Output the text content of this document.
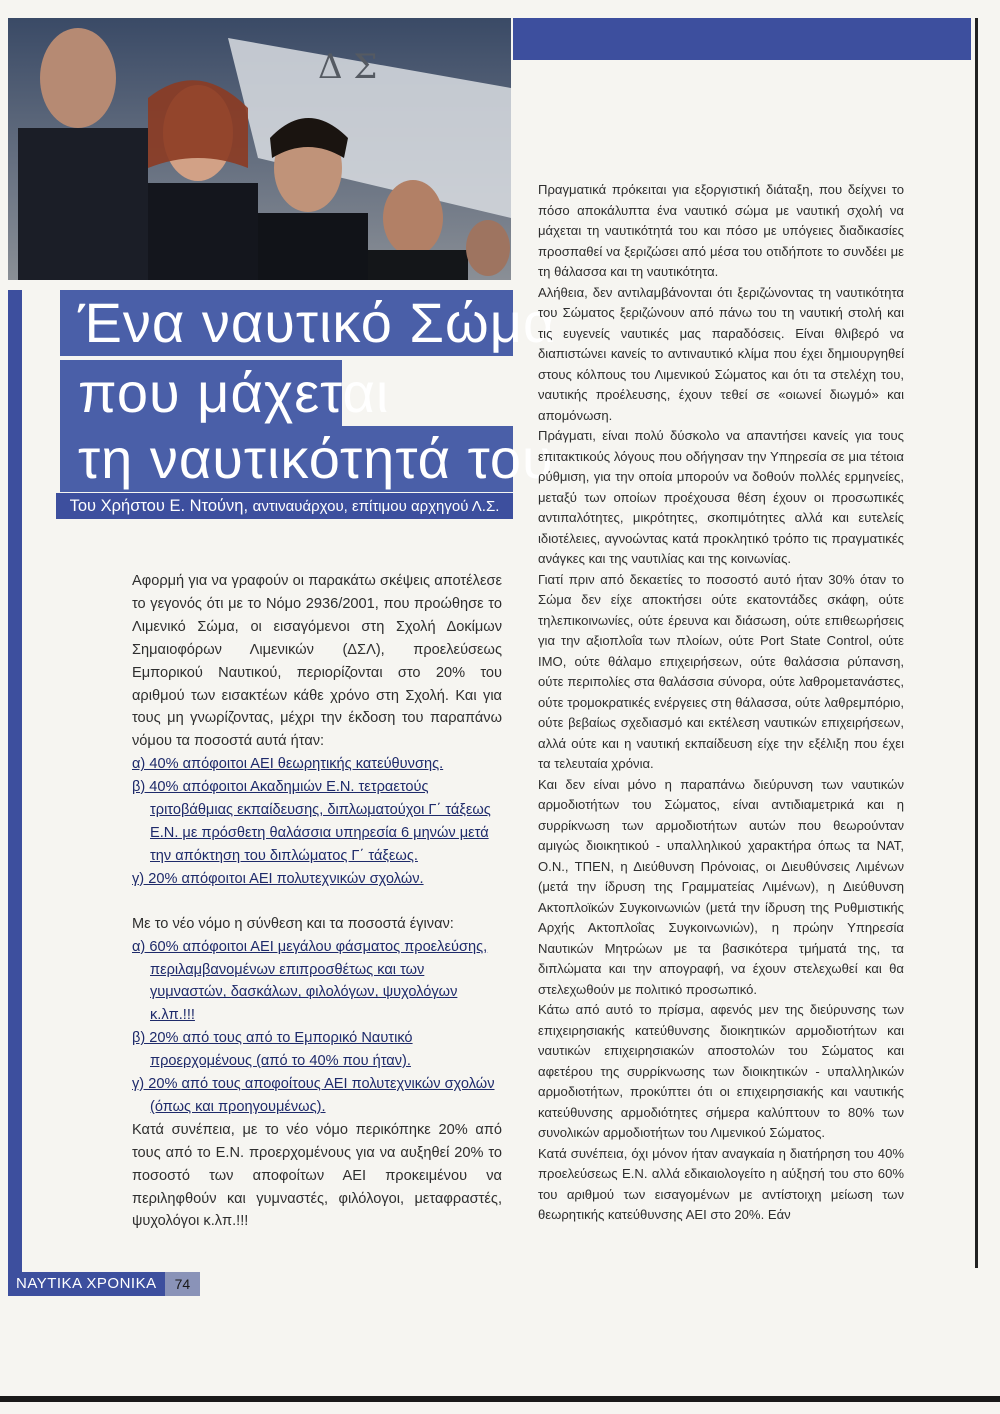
Δ Σ
Ένα ναυτικό Σώμα
που μάχεται
τη ναυτικότητά του
Του Χρήστου Ε. Ντούνη, αντιναυάρχου, επίτιμου αρχηγού Λ.Σ.

Αφορμή για να γραφούν οι παρακάτω σκέψεις αποτέλεσε το γεγονός ότι με το Νόμο 2936/2001, που προώθησε το Λιμενικό Σώμα, οι εισαγόμενοι στη Σχολή Δοκίμων Σημαιοφόρων Λιμενικών (ΔΣΛ), προελεύσεως Εμπορικού Ναυτικού, περιορίζονται στο 20% του αριθμού των εισακτέων κάθε χρόνο στη Σχολή. Και για τους μη γνωρίζοντας, μέχρι την έκδοση του παραπάνω νόμου τα ποσοστά αυτά ήταν:

α) 40% απόφοιτοι ΑΕΙ θεωρητικής κατεύθυνσης.

β) 40% απόφοιτοι Ακαδημιών Ε.Ν. τετραετούς τριτοβάθμιας εκπαίδευσης, διπλωματούχοι Γ΄ τάξεως Ε.Ν. με πρόσθετη θαλάσσια υπηρεσία 6 μηνών μετά την απόκτηση του διπλώματος Γ΄ τάξεως.

γ) 20% απόφοιτοι ΑΕΙ πολυτεχνικών σχολών.

Με το νέο νόμο η σύνθεση και τα ποσοστά έγιναν:

α) 60% απόφοιτοι ΑΕΙ μεγάλου φάσματος προελεύσης, περιλαμβανομένων επιπροσθέτως και των γυμναστών, δασκάλων, φιλολόγων, ψυχολόγων κ.λπ.!!!

β) 20% από τους από το Εμπορικό Ναυτικό προερχομένους (από το 40% που ήταν).

γ) 20% από τους αποφοίτους ΑΕΙ πολυτεχνικών σχολών (όπως και προηγουμένως).

Κατά συνέπεια, με το νέο νόμο περικόπηκε 20% από τους από το Ε.Ν. προερχομένους για να αυξηθεί 20% το ποσοστό των αποφοίτων ΑΕΙ προκειμένου να περιληφθούν και γυμναστές, φιλόλογοι, μεταφραστές, ψυχολόγοι κ.λπ.!!!

Πραγματικά πρόκειται για εξοργιστική διάταξη, που δείχνει το πόσο αποκάλυπτα ένα ναυτικό σώμα με ναυτική σχολή να μάχεται τη ναυτικότητά του και πόσο με υπόγειες διαδικασίες προσπαθεί να ξεριζώσει από μέσα του οτιδήποτε το συνδέει με τη θάλασσα και τη ναυτικότητα.

Αλήθεια, δεν αντιλαμβάνονται ότι ξεριζώνοντας τη ναυτικότητα του Σώματος ξεριζώνουν από πάνω του τη ναυτική στολή και τις ευγενείς ναυτικές μας παραδόσεις. Είναι θλιβερό να διαπιστώνει κανείς το αντιναυτικό κλίμα που έχει δημιουργηθεί στους κόλπους του Λιμενικού Σώματος και ότι τα στελέχη του, ναυτικής προέλευσης, έχουν τεθεί σε «οιωνεί διωγμό» και απομόνωση.

Πράγματι, είναι πολύ δύσκολο να απαντήσει κανείς για τους επιτακτικούς λόγους που οδήγησαν την Υπηρεσία σε μια τέτοια ρύθμιση, για την οποία μπορούν να δοθούν πολλές ερμηνείες, μεταξύ των οποίων προέχουσα θέση έχουν οι προσωπικές αντιπαλότητες, μικρότητες, σκοπιμότητες αλλά και ευτελείς ιδιοτέλειες, αγνοώντας κατά προκλητικό τρόπο τις πραγματικές ανάγκες και της ναυτιλίας και της κοινωνίας.

Γιατί πριν από δεκαετίες το ποσοστό αυτό ήταν 30% όταν το Σώμα δεν είχε αποκτήσει ούτε εκατοντάδες σκάφη, ούτε τηλεπικοινωνίες, ούτε έρευνα και διάσωση, ούτε επιθεωρήσεις για την αξιοπλοΐα των πλοίων, ούτε Port State Control, ούτε ΙΜΟ, ούτε θάλαμο επιχειρήσεων, ούτε θαλάσσια ρύπανση, ούτε περιπολίες στα θαλάσσια σύνορα, ούτε λαθρομετανάστες, ούτε τρομοκρατικές ενέργειες στη θάλασσα, ούτε λαθρεμπόριο, ούτε βεβαίως σχεδιασμό και εκτέλεση ναυτικών επιχειρήσεων, αλλά ούτε και η ναυτική εκπαίδευση είχε την εξέλιξη που έχει τα τελευταία χρόνια.

Και δεν είναι μόνο η παραπάνω διεύρυνση των ναυτικών αρμοδιοτήτων του Σώματος, είναι αντιδιαμετρικά και η συρρίκνωση των αρμοδιοτήτων αυτών που θεωρούνταν αμιγώς διοικητικού - υπαλληλικού χαρακτήρα όπως τα ΝΑΤ, Ο.Ν., ΤΠΕΝ, η Διεύθυνση Πρόνοιας, οι Διευθύνσεις Λιμένων (μετά την ίδρυση της Γραμματείας Λιμένων), η Διεύθυνση Ακτοπλοϊκών Συγκοινωνιών (μετά την ίδρυση της Ρυθμιστικής Αρχής Ακτοπλοΐας Συγκοινωνιών), η πρώην Υπηρεσία Ναυτικών Μητρώων με τα βασικότερα τμήματά της, τα διπλώματα και την απογραφή, να έχουν στελεχωθεί και θα στελεχωθούν με πολιτικό προσωπικό.

Κάτω από αυτό το πρίσμα, αφενός μεν της διεύρυνσης των επιχειρησιακής κατεύθυνσης διοικητικών αρμοδιοτήτων και ναυτικών επιχειρησιακών αποστολών του Σώματος και αφετέρου της συρρίκνωσης των διοικητικών - υπαλληλικών αρμοδιοτήτων, προκύπτει ότι οι επιχειρησιακής και ναυτικής κατεύθυνσης αρμοδιότητες σήμερα καλύπτουν το 80% των συνολικών αρμοδιοτήτων του Λιμενικού Σώματος.

Κατά συνέπεια, όχι μόνον ήταν αναγκαία η διατήρηση του 40% προελεύσεως Ε.Ν. αλλά εδικαιολογείτο η αύξησή του στο 60% του αριθμού των εισαγομένων με αντίστοιχη μείωση των θεωρητικής κατεύθυνσης ΑΕΙ στο 20%. Εάν

ΝΑΥΤΙΚΑ ΧΡΟΝΙΚΑ	74
